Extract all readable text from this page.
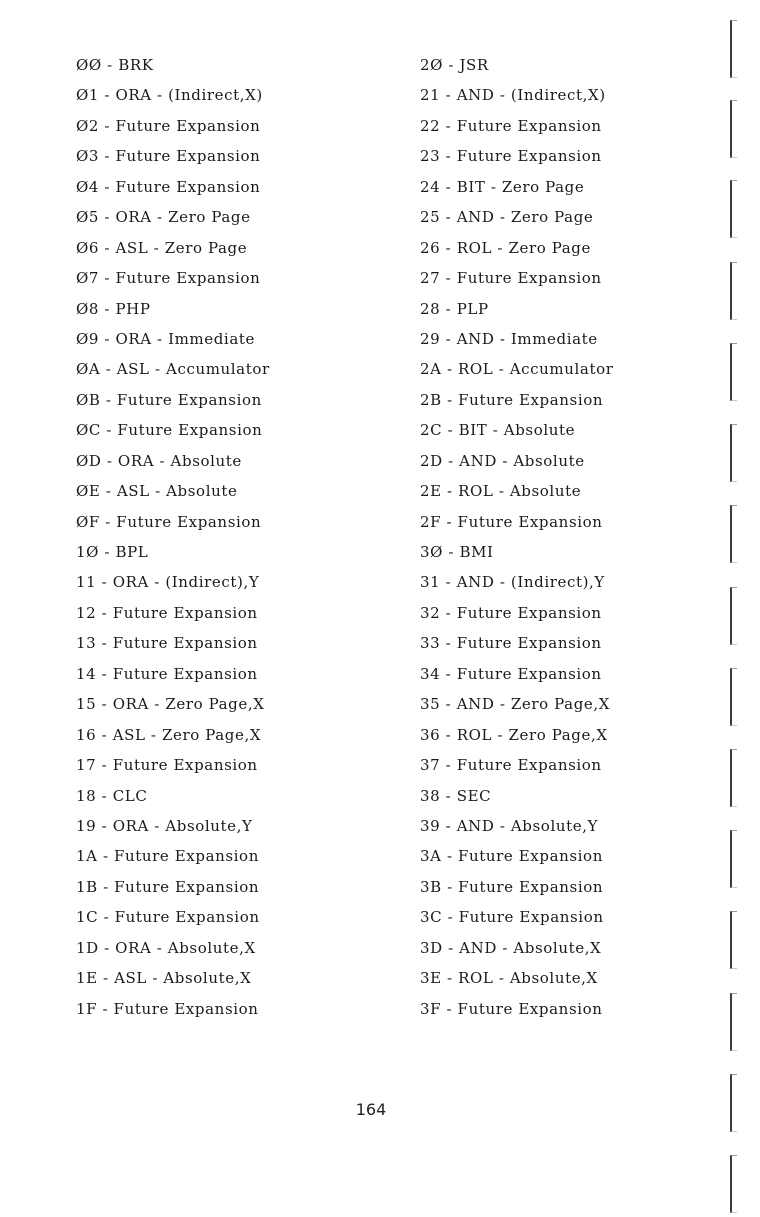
ØØ - BRK
Ø1 - ORA - (Indirect,X)
Ø2 - Future Expansion
Ø3 - Future Expansion
Ø4 - Future Expansion
Ø5 - ORA - Zero Page
Ø6 - ASL - Zero Page
Ø7 - Future Expansion
Ø8 - PHP
Ø9 - ORA - Immediate
ØA - ASL - Accumulator
ØB - Future Expansion
ØC - Future Expansion
ØD - ORA - Absolute
ØE - ASL - Absolute
ØF - Future Expansion
1Ø - BPL
11 - ORA - (Indirect),Y
12 - Future Expansion
13 - Future Expansion
14 - Future Expansion
15 - ORA - Zero Page,X
16 - ASL - Zero Page,X
17 - Future Expansion
18 - CLC
19 - ORA - Absolute,Y
1A - Future Expansion
1B - Future Expansion
1C - Future Expansion
1D - ORA - Absolute,X
1E - ASL - Absolute,X
1F - Future Expansion
2Ø - JSR
21 - AND - (Indirect,X)
22 - Future Expansion
23 - Future Expansion
24 - BIT - Zero Page
25 - AND - Zero Page
26 - ROL - Zero Page
27 - Future Expansion
28 - PLP
29 - AND - Immediate
2A - ROL - Accumulator
2B - Future Expansion
2C - BIT - Absolute
2D - AND - Absolute
2E - ROL - Absolute
2F - Future Expansion
3Ø - BMI
31 - AND - (Indirect),Y
32 - Future Expansion
33 - Future Expansion
34 - Future Expansion
35 - AND - Zero Page,X
36 - ROL - Zero Page,X
37 - Future Expansion
38 - SEC
39 - AND - Absolute,Y
3A - Future Expansion
3B - Future Expansion
3C - Future Expansion
3D - AND - Absolute,X
3E - ROL - Absolute,X
3F - Future Expansion
164
